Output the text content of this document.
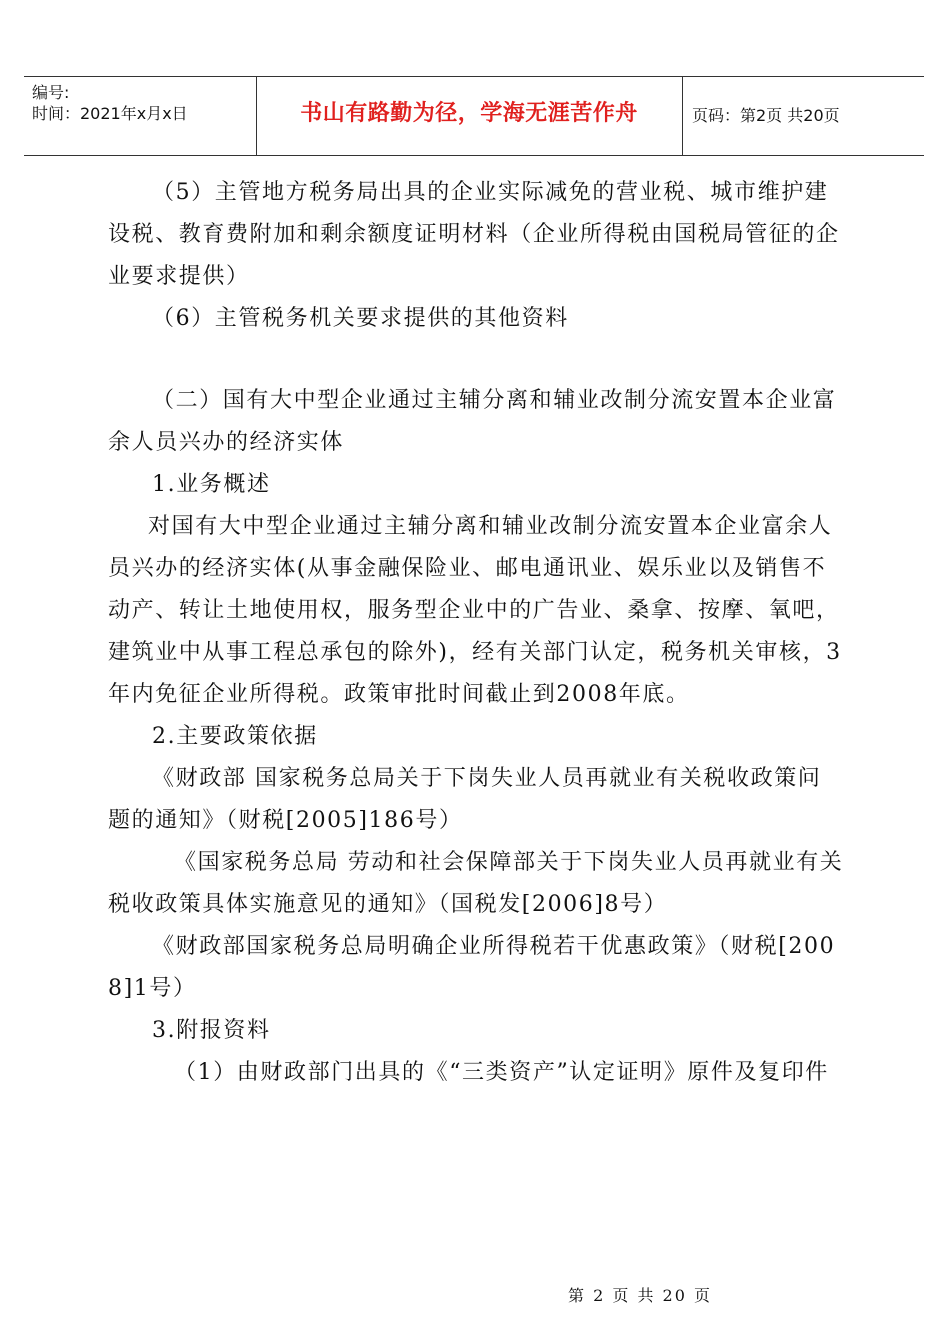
编号:
时间：2021年x月x日	书山有路勤为径，学海无涯苦作舟	页码：第2页 共20页

（5）主管地方税务局出具的企业实际减免的营业税、城市维护建设税、教育费附加和剩余额度证明材料（企业所得税由国税局管征的企业要求提供）

（6）主管税务机关要求提供的其他资料

（二）国有大中型企业通过主辅分离和辅业改制分流安置本企业富余人员兴办的经济实体

1.业务概述

对国有大中型企业通过主辅分离和辅业改制分流安置本企业富余人员兴办的经济实体(从事金融保险业、邮电通讯业、娱乐业以及销售不动产、转让土地使用权，服务型企业中的广告业、桑拿、按摩、氧吧，建筑业中从事工程总承包的除外)，经有关部门认定，税务机关审核，3年内免征企业所得税。政策审批时间截止到2008年底。

2.主要政策依据

《财政部 国家税务总局关于下岗失业人员再就业有关税收政策问题的通知》（财税[2005]186号）

《国家税务总局 劳动和社会保障部关于下岗失业人员再就业有关税收政策具体实施意见的通知》（国税发[2006]8号）

《财政部国家税务总局明确企业所得税若干优惠政策》（财税[2008]1号）

3.附报资料

（1）由财政部门出具的《“三类资产”认定证明》原件及复印件

第 2 页 共 20 页
